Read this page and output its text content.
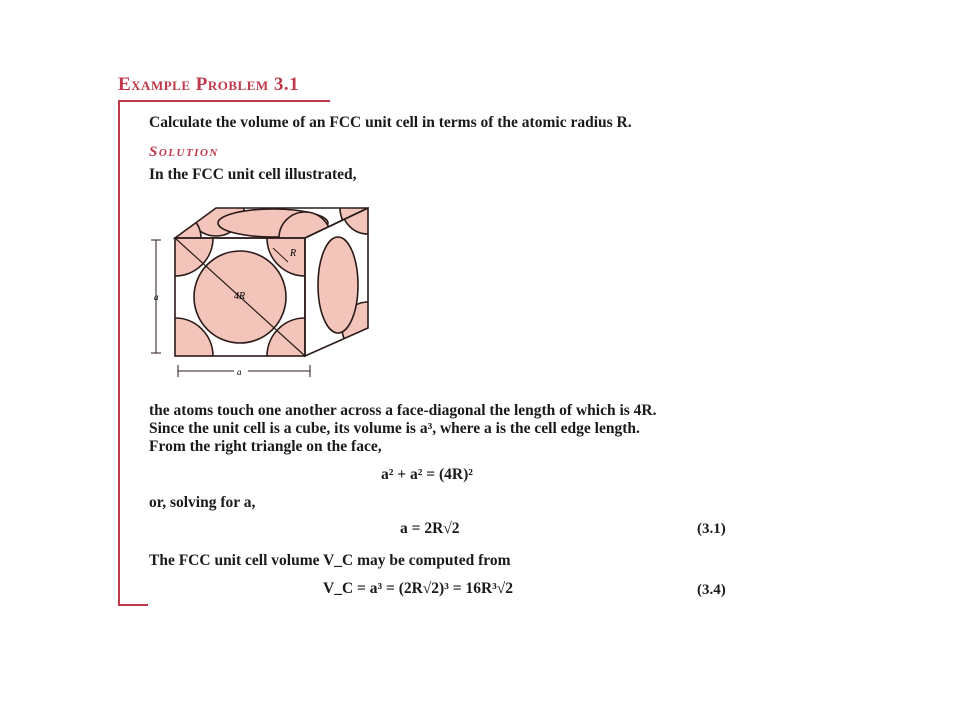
Example Problem 3.1
Calculate the volume of an FCC unit cell in terms of the atomic radius R.
Solution
In the FCC unit cell illustrated,
R
4R
a
a
the atoms touch one another across a face-diagonal the length of which is 4R.
Since the unit cell is a cube, its volume is a³, where a is the cell edge length.
From the right triangle on the face,
a² + a² = (4R)²
or, solving for a,
a = 2R√2	(3.1)
The FCC unit cell volume V_C may be computed from
V_C = a³ = (2R√2)³ = 16R³√2	(3.4)
